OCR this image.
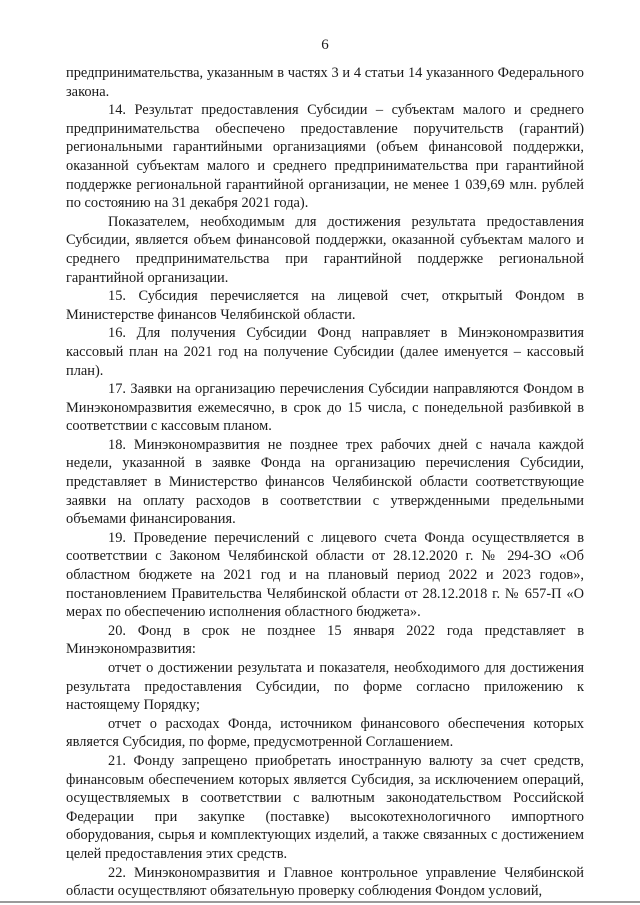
6

предпринимательства, указанным в частях 3 и 4 статьи 14 указанного Федерального закона.

14. Результат предоставления Субсидии – субъектам малого и среднего предпринимательства обеспечено предоставление поручительств (гарантий) региональными гарантийными организациями (объем финансовой поддержки, оказанной субъектам малого и среднего предпринимательства при гарантийной поддержке региональной гарантийной организации, не менее 1 039,69 млн. рублей по состоянию на 31 декабря 2021 года).

Показателем, необходимым для достижения результата предоставления Субсидии, является объем финансовой поддержки, оказанной субъектам малого и среднего предпринимательства при гарантийной поддержке региональной гарантийной организации.

15. Субсидия перечисляется на лицевой счет, открытый Фондом в Министерстве финансов Челябинской области.

16. Для получения Субсидии Фонд направляет в Минэкономразвития кассовый план на 2021 год на получение Субсидии (далее именуется – кассовый план).

17. Заявки на организацию перечисления Субсидии направляются Фондом в Минэкономразвития ежемесячно, в срок до 15 числа, с понедельной разбивкой в соответствии с кассовым планом.

18. Минэкономразвития не позднее трех рабочих дней с начала каждой недели, указанной в заявке Фонда на организацию перечисления Субсидии, представляет в Министерство финансов Челябинской области соответствующие заявки на оплату расходов в соответствии с утвержденными предельными объемами финансирования.

19. Проведение перечислений с лицевого счета Фонда осуществляется в соответствии с Законом Челябинской области от 28.12.2020 г. № 294-ЗО «Об областном бюджете на 2021 год и на плановый период 2022 и 2023 годов», постановлением Правительства Челябинской области от 28.12.2018 г. № 657-П «О мерах по обеспечению исполнения областного бюджета».

20. Фонд в срок не позднее 15 января 2022 года представляет в Минэкономразвития:

отчет о достижении результата и показателя, необходимого для достижения результата предоставления Субсидии, по форме согласно приложению к настоящему Порядку;

отчет о расходах Фонда, источником финансового обеспечения которых является Субсидия, по форме, предусмотренной Соглашением.

21. Фонду запрещено приобретать иностранную валюту за счет средств, финансовым обеспечением которых является Субсидия, за исключением операций, осуществляемых в соответствии с валютным законодательством Российской Федерации при закупке (поставке) высокотехнологичного импортного оборудования, сырья и комплектующих изделий, а также связанных с достижением целей предоставления этих средств.

22. Минэкономразвития и Главное контрольное управление Челябинской области осуществляют обязательную проверку соблюдения Фондом условий,
